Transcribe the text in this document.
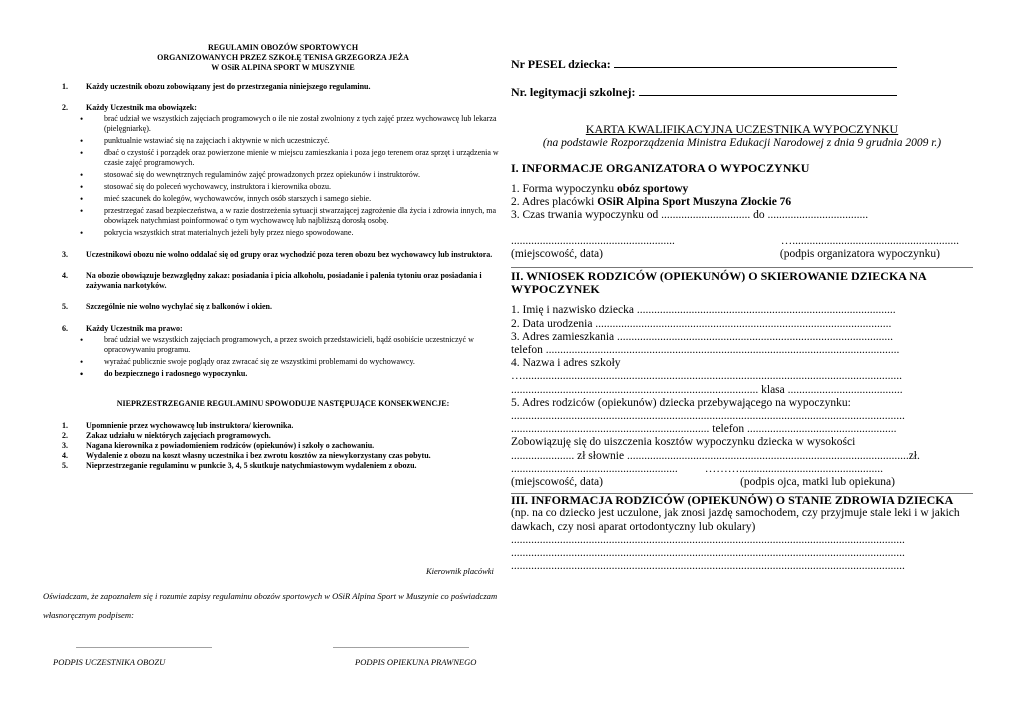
REGULAMIN OBOZÓW SPORTOWYCH
ORGANIZOWANYCH PRZEZ SZKOŁĘ TENISA GRZEGORZA JEŻA
W OSiR ALPINA SPORT W MUSZYNIE
1.	Każdy uczestnik obozu zobowiązany jest do przestrzegania niniejszego regulaminu.
2.	Każdy Uczestnik ma obowiązek:
• brać udział we wszystkich zajęciach programowych o ile nie został zwolniony z tych zajęć przez wychowawcę lub lekarza (pielęgniarkę).
• punktualnie wstawiać się na zajęciach i aktywnie w nich uczestniczyć.
• dbać o czystość i porządek oraz powierzone mienie w miejscu zamieszkania i poza jego terenem oraz sprzęt i urządzenia w czasie zajęć programowych.
• stosować się do wewnętrznych regulaminów zajęć prowadzonych przez opiekunów i instruktorów.
• stosować się do poleceń wychowawcy, instruktora i kierownika obozu.
• mieć szacunek do kolegów, wychowawców, innych osób starszych i samego siebie.
• przestrzegać zasad bezpieczeństwa, a w razie dostrzeżenia sytuacji stwarzającej zagrożenie dla życia i zdrowia innych, ma obowiązek natychmiast poinformować o tym wychowawcę lub najbliższą dorosłą osobę.
• pokrycia wszystkich strat materialnych jeżeli były przez niego spowodowane.
3.	Uczestnikowi obozu nie wolno oddalać się od grupy oraz wychodzić poza teren obozu bez wychowawcy lub instruktora.
4.	Na obozie obowiązuje bezwzględny zakaz: posiadania i picia alkoholu, posiadanie i palenia tytoniu oraz posiadania i zażywania narkotyków.
5.	Szczególnie nie wolno wychylać się z balkonów i okien.
6.	Każdy Uczestnik ma prawo:
• brać udział we wszystkich zajęciach programowych, a przez swoich przedstawicieli, bądź osobiście uczestniczyć w opracowywaniu programu.
• wyrażać publicznie swoje poglądy oraz zwracać się ze wszystkimi problemami do wychowawcy.
• do bezpiecznego i radosnego wypoczynku.
NIEPRZESTRZEGANIE REGULAMINU SPOWODUJE NASTĘPUJĄCE KONSEKWENCJE:
1.	Upomnienie przez wychowawcę lub instruktora/ kierownika.
2.	Zakaz udziału w niektórych zajęciach programowych.
3.	Nagana kierownika z powiadomieniem rodziców (opiekunów) i szkoły o zachowaniu.
4.	Wydalenie z obozu na koszt własny uczestnika i bez zwrotu kosztów za niewykorzystany czas pobytu.
5.	Nieprzestrzeganie regulaminu w punkcie 3, 4, 5 skutkuje natychmiastowym wydaleniem z obozu.
Kierownik placówki
Oświadczam, że zapoznałem się i rozumie zapisy regulaminu obozów sportowych w OSiR Alpina Sport w Muszynie co poświadczam własnoręcznym podpisem:
....................................................................	....................................................................
PODPIS UCZESTNIKA OBOZU	PODPIS OPIEKUNA PRAWNEGO
Nr PESEL dziecka:
Nr. legitymacji szkolnej:
KARTA KWALIFIKACYJNA UCZESTNIKA WYPOCZYNKU
(na podstawie Rozporządzenia Ministra Edukacji Narodowej z dnia 9 grudnia 2009 r.)
I. INFORMACJE ORGANIZATORA O WYPOCZYNKU
1. Forma wypoczynku obóz sportowy
2. Adres placówki OSiR Alpina Sport Muszyna Złockie 76
3. Czas trwania wypoczynku od ............................... do ...................................
.........................................................	…..........................................................
(miejscowość, data)	(podpis organizatora wypoczynku)
II. WNIOSEK RODZICÓW (OPIEKUNÓW) O SKIEROWANIE DZIECKA NA WYPOCZYNEK
1. Imię i nazwisko dziecka ..........................................................................................
2. Data urodzenia .......................................................................................................
3. Adres zamieszkania ................................................................................................
telefon ...........................................................................................................................
4. Nazwa i adres szkoły
…....................................................................................................................................
...................................................................................... klasa ........................................
5. Adres rodziców (opiekunów) dziecka przebywającego na wypoczynku:
.........................................................................................................................................
..................................................................... telefon ....................................................
Zobowiązuję się do uiszczenia kosztów wypoczynku dziecka w wysokości
...................... zł słownie ..................................................................................................zł.
.......................................................... ………..................................................
(miejscowość, data)	(podpis ojca, matki lub opiekuna)
III. INFORMACJA RODZICÓW (OPIEKUNÓW) O STANIE ZDROWIA DZIECKA
(np. na co dziecko jest uczulone, jak znosi jazdę samochodem, czy przyjmuje stale leki i w jakich dawkach, czy nosi aparat ortodontyczny lub okulary)
.........................................................................................................................................
.........................................................................................................................................
.........................................................................................................................................
